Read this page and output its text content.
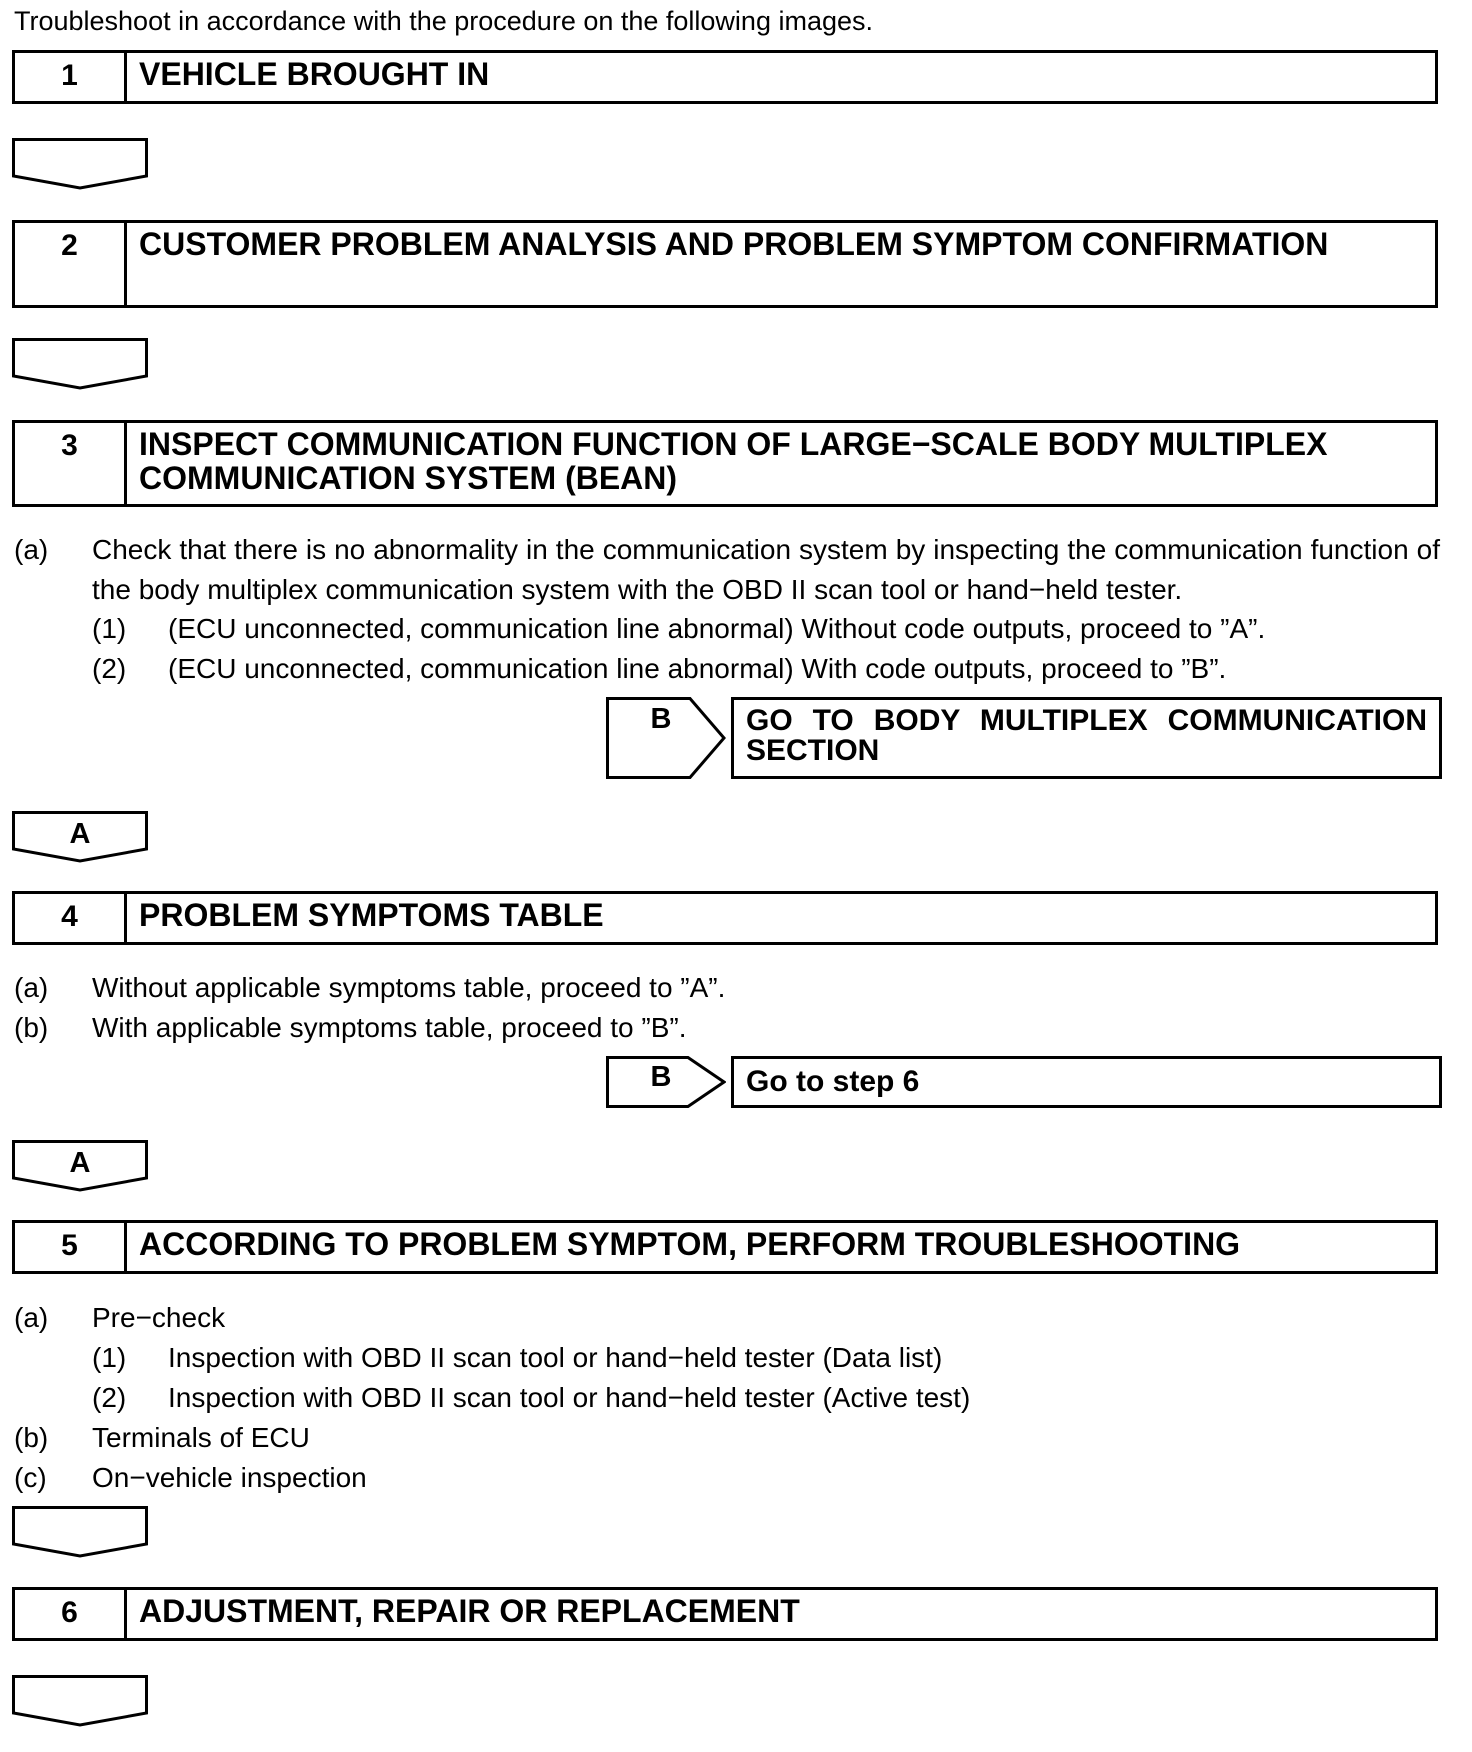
Troubleshoot in accordance with the procedure on the following images.
1	VEHICLE BROUGHT IN
2	CUSTOMER PROBLEM ANALYSIS AND PROBLEM SYMPTOM CONFIRMATION
3	INSPECT COMMUNICATION FUNCTION OF LARGE−SCALE BODY MULTIPLEX
COMMUNICATION SYSTEM (BEAN)
(a) Check that there is no abnormality in the communication system by inspecting the communication function of the body multiplex communication system with the OBD II scan tool or hand−held tester.
(1) (ECU unconnected, communication line abnormal) Without code outputs, proceed to ”A”.
(2) (ECU unconnected, communication line abnormal) With code outputs, proceed to ”B”.
B	GO TO BODY MULTIPLEX COMMUNICATION
SECTION
A
4	PROBLEM SYMPTOMS TABLE
(a) Without applicable symptoms table, proceed to ”A”.
(b) With applicable symptoms table, proceed to ”B”.
B	Go to step 6
A
5	ACCORDING TO PROBLEM SYMPTOM, PERFORM TROUBLESHOOTING
(a) Pre−check
(1) Inspection with OBD II scan tool or hand−held tester (Data list)
(2) Inspection with OBD II scan tool or hand−held tester (Active test)
(b) Terminals of ECU
(c) On−vehicle inspection
6	ADJUSTMENT, REPAIR OR REPLACEMENT
